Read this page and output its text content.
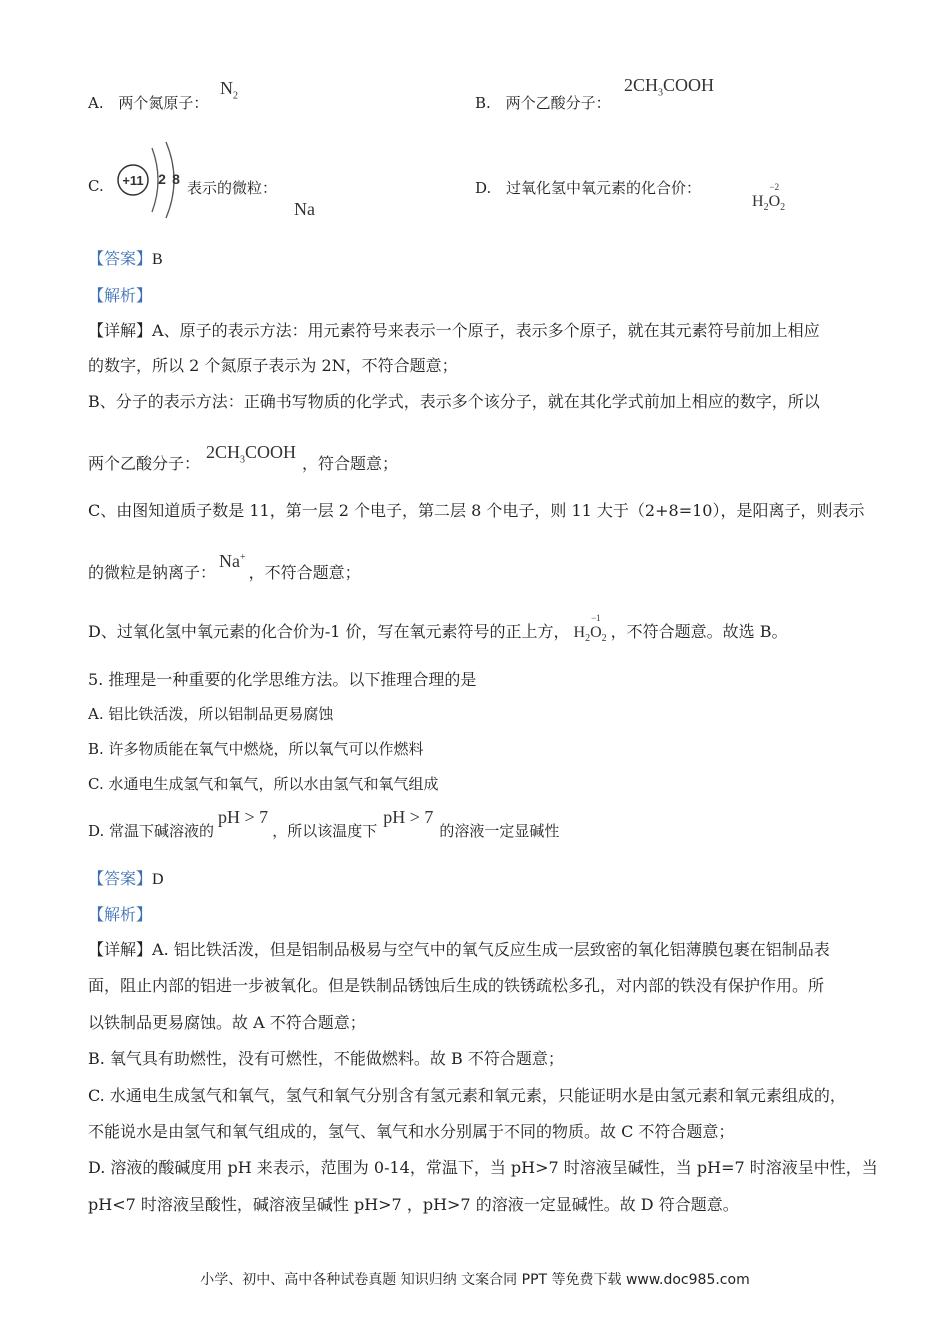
A. 两个氮原子：
$N_2$	B. 两个乙酸分子：
$2CH_3COOH$
C. +11 2 8 表示的微粒：
Na
D. 过氧化氢中氧元素的化合价：
$H_2$
−2
$O_2$
【答案】B
【解析】
【详解】A、原子的表示方法：用元素符号来表示一个原子，表示多个原子，就在其元素符号前加上相应
的数字，所以 2 个氮原子表示为 2N，不符合题意；
B、分子的表示方法：正确书写物质的化学式，表示多个该分子，就在其化学式前加上相应的数字，所以
两个乙酸分子：$2CH_3COOH$，符合题意；
C、由图知道质子数是 11，第一层 2 个电子，第二层 8 个电子，则 11 大于（2+8=10），是阳离子，则表示
的微粒是钠离子：Na+，不符合题意；
D、过氧化氢中氧元素的化合价为-1 价，写在氧元素符号的正上方， $H_2$
−1
$O_2$ ，不符合题意。故选 B。
5. 推理是一种重要的化学思维方法。以下推理合理的是
A. 铝比铁活泼，所以铝制品更易腐蚀
B. 许多物质能在氧气中燃烧，所以氧气可以作燃料
C. 水通电生成氢气和氧气，所以水由氢气和氧气组成
D. 常温下碱溶液的pH > 7，所以该温度下pH > 7的溶液一定显碱性
【答案】D
【解析】
【详解】A. 铝比铁活泼，但是铝制品极易与空气中的氧气反应生成一层致密的氧化铝薄膜包裹在铝制品表
面，阻止内部的铝进一步被氧化。但是铁制品锈蚀后生成的铁锈疏松多孔，对内部的铁没有保护作用。所
以铁制品更易腐蚀。故 A 不符合题意；
B. 氧气具有助燃性，没有可燃性，不能做燃料。故 B 不符合题意；
C. 水通电生成氢气和氧气，氢气和氧气分别含有氢元素和氧元素，只能证明水是由氢元素和氧元素组成的，
不能说水是由氢气和氧气组成的，氢气、氧气和水分别属于不同的物质。故 C 不符合题意；
D. 溶液的酸碱度用 pH 来表示，范围为 0-14，常温下，当 pH>7 时溶液呈碱性，当 pH=7 时溶液呈中性，当
pH<7 时溶液呈酸性，碱溶液呈碱性 pH>7 ，pH>7 的溶液一定显碱性。故 D 符合题意。
小学、初中、高中各种试卷真题 知识归纳 文案合同 PPT 等免费下载 www.doc985.com
